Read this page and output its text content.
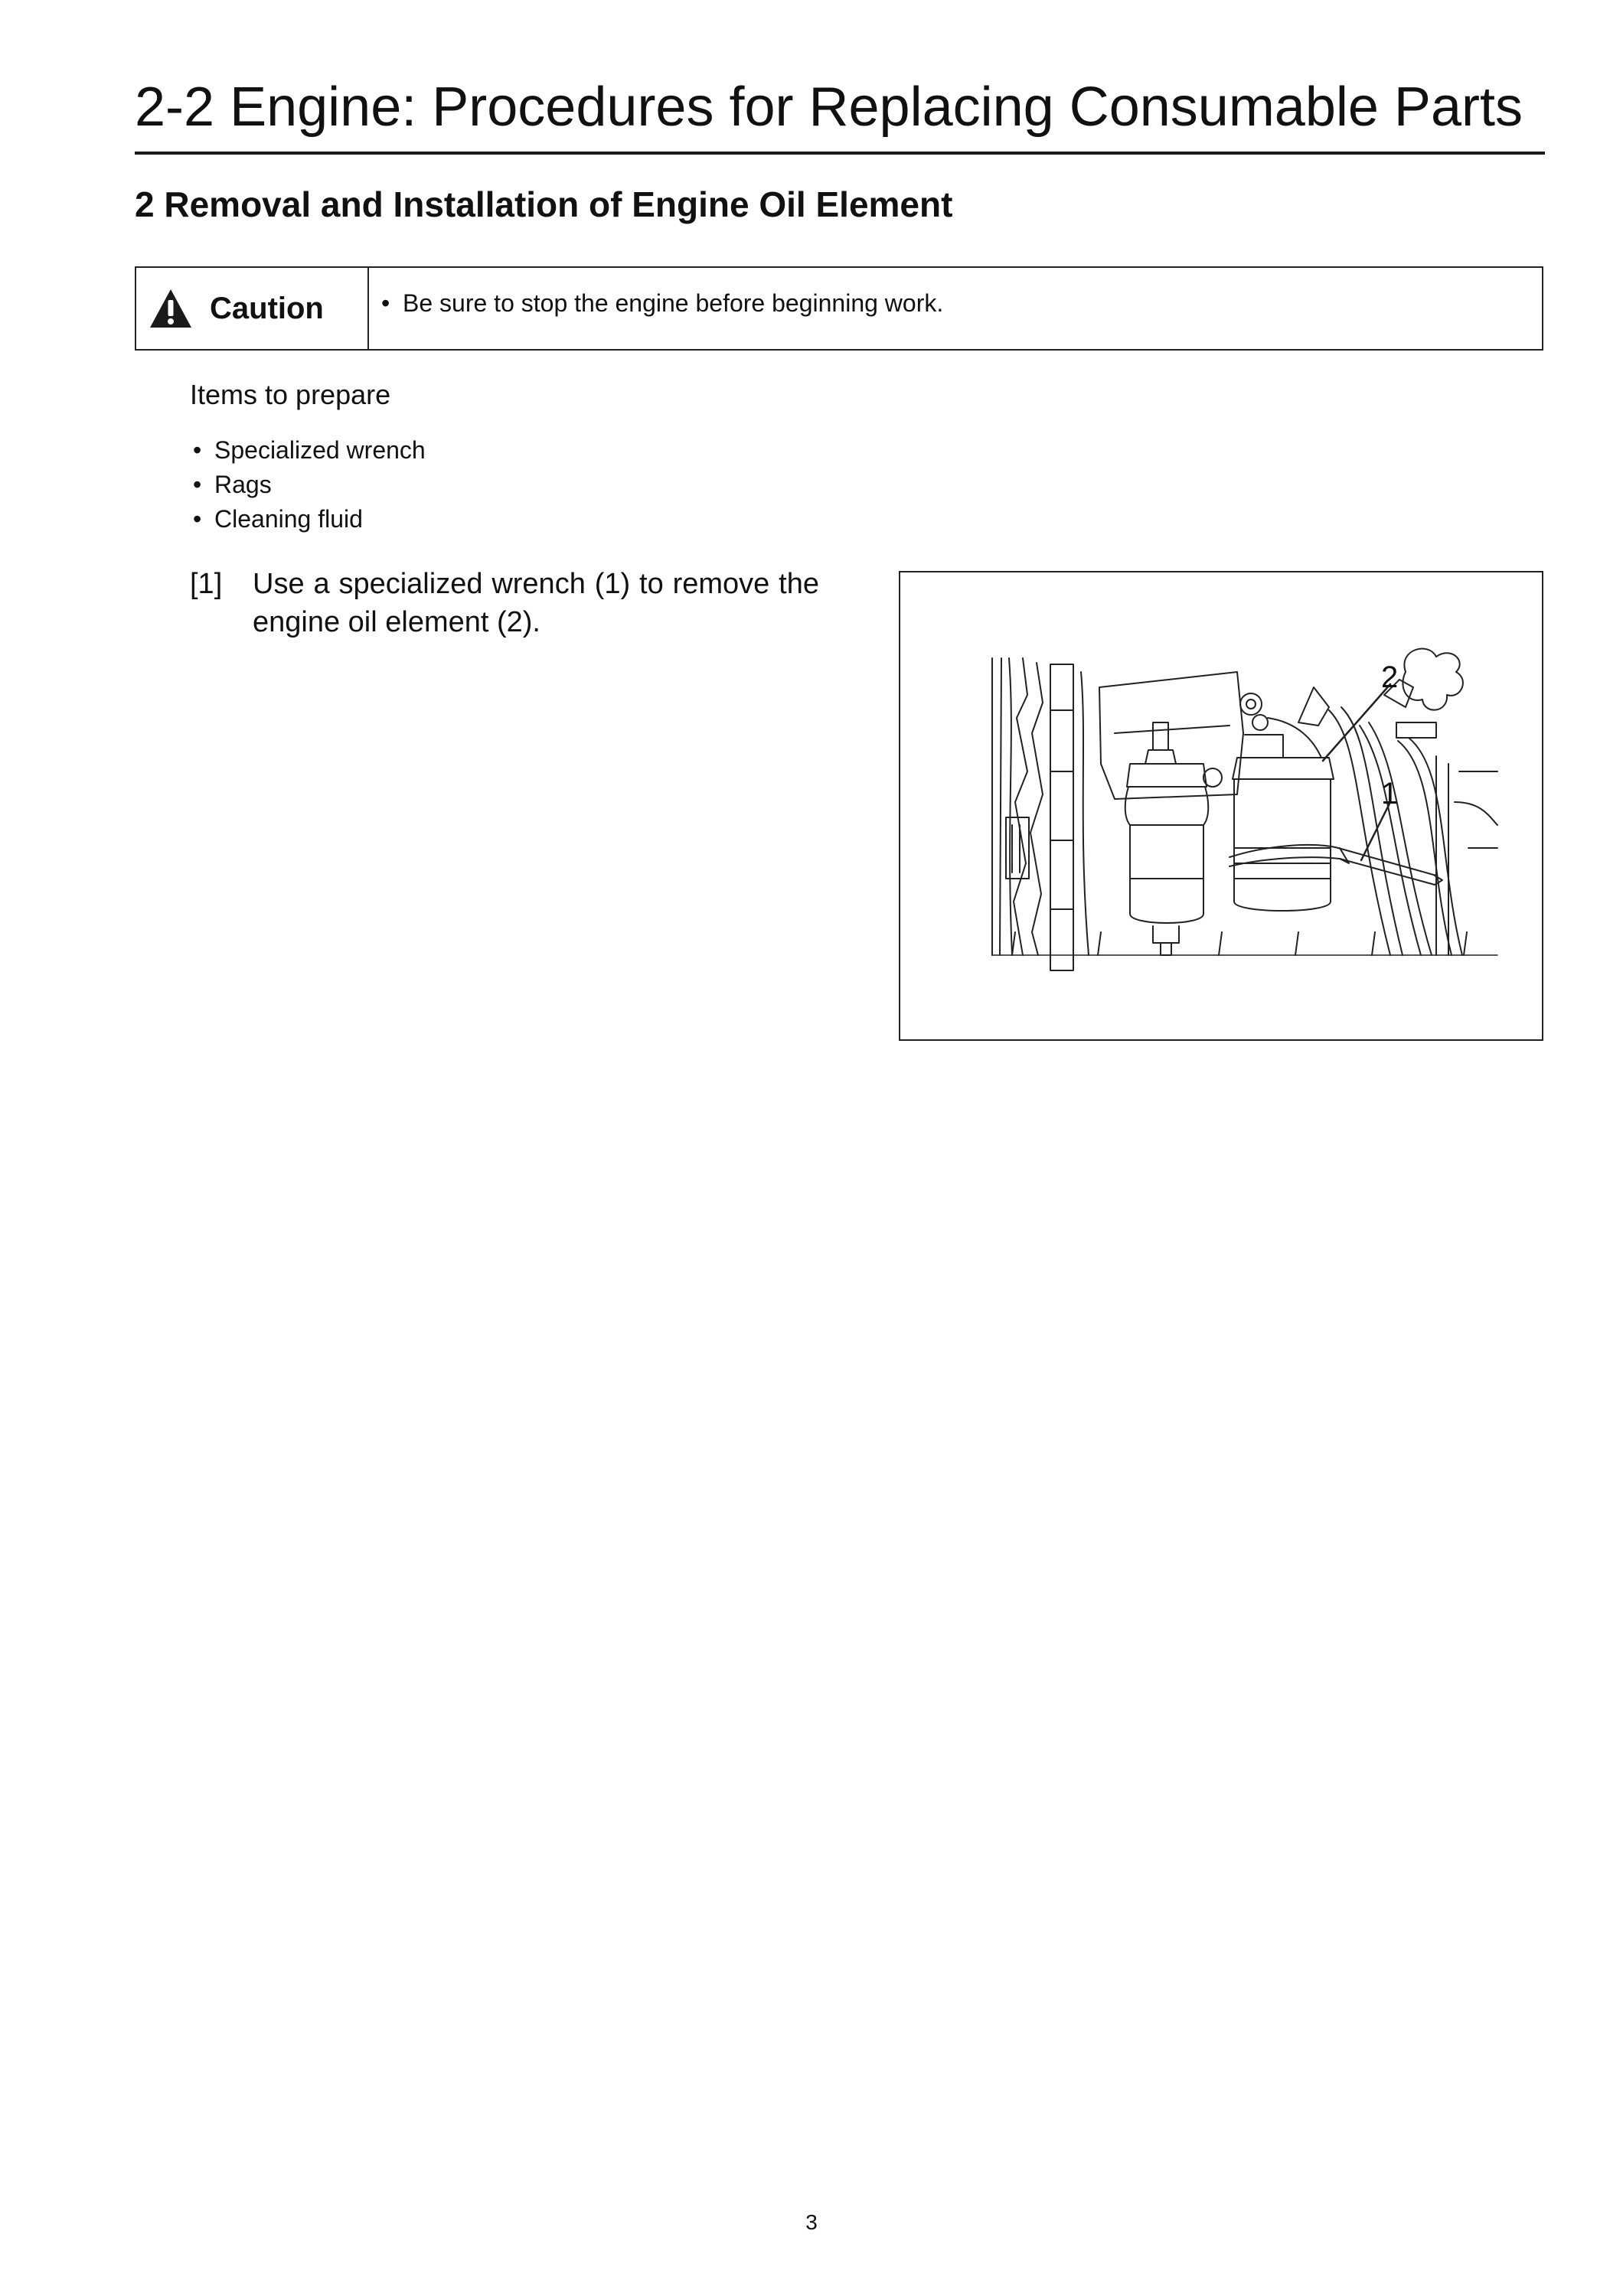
2-2 Engine: Procedures for Replacing Consumable Parts
2 Removal and Installation of Engine Oil Element
Caution	• Be sure to stop the engine before beginning work.
Items to prepare
• Specialized wrench
• Rags
• Cleaning fluid
[1] Use a specialized wrench (1) to remove the engine oil element (2).
2
1
3
